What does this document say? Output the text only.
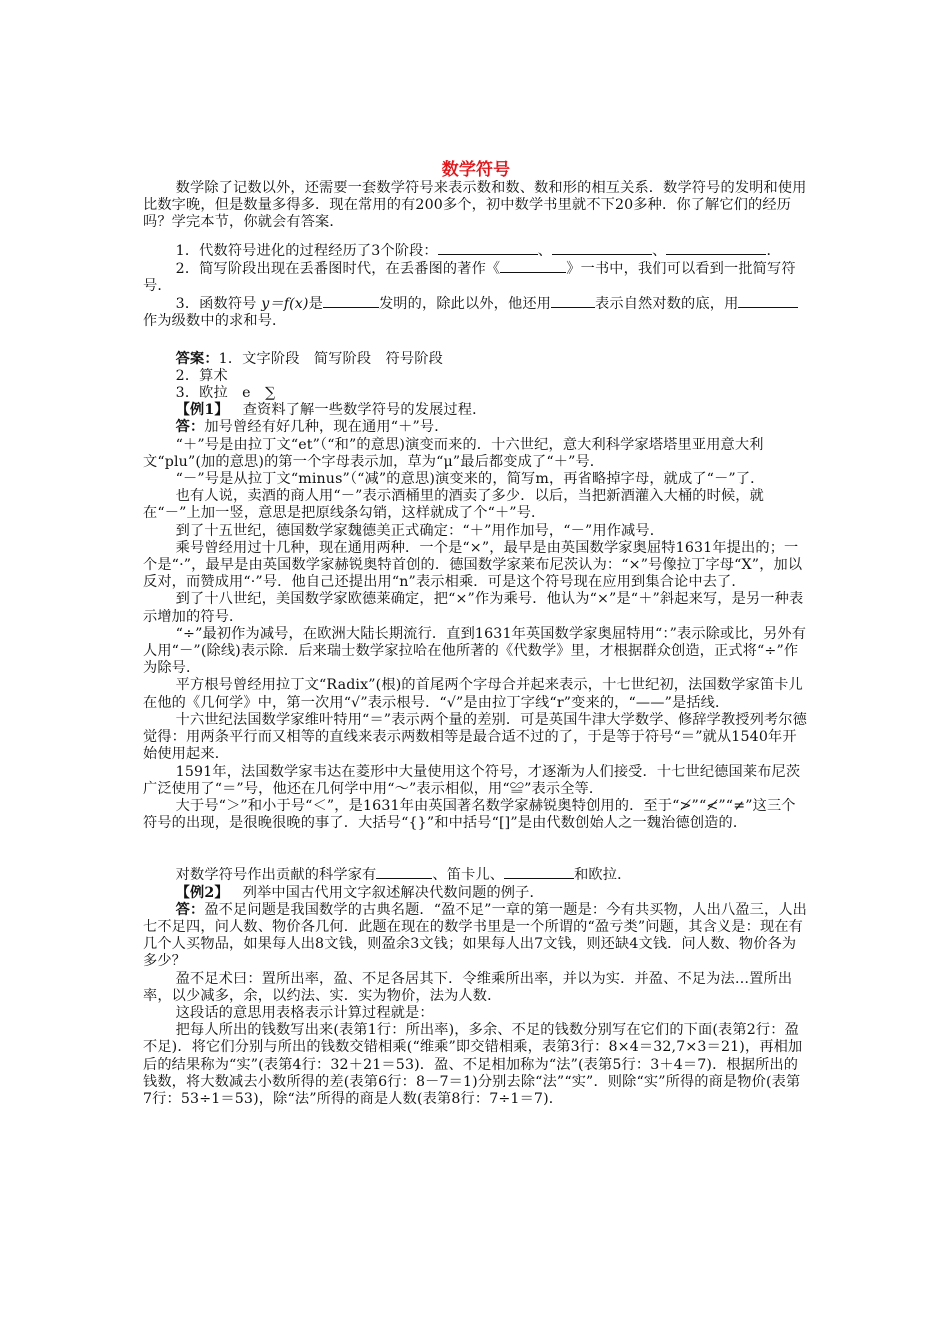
数学符号

数学除了记数以外，还需要一套数学符号来表示数和数、数和形的相互关系．数学符号的发明和使用比数字晚，但是数量多得多．现在常用的有200多个，初中数学书里就不下20多种．你了解它们的经历吗？学完本节，你就会有答案．

1．代数符号进化的过程经历了3个阶段：	、	、	．

2．简写阶段出现在丢番图时代，在丢番图的著作《	》一书中，我们可以看到一批简写符号．

3．函数符号 y＝f(x)是	发明的，除此以外，他还用	表示自然对数的底，用作为级数中的求和号．

答案：1．文字阶段　简写阶段　符号阶段

2．算术

3．欧拉　e　∑

【例1】 查资料了解一些数学符号的发展过程．

答：加号曾经有好几种，现在通用“＋”号．

“＋”号是由拉丁文“et”（“和”的意思)演变而来的．十六世纪，意大利科学家塔塔里亚用意大利文“plu”(加的意思)的第一个字母表示加，草为“μ”最后都变成了“＋”号．

“－”号是从拉丁文“minus”（“减”的意思)演变来的，简写m，再省略掉字母，就成了“－”了．

也有人说，卖酒的商人用“－”表示酒桶里的酒卖了多少．以后，当把新酒灌入大桶的时候，就在“－”上加一竖，意思是把原线条勾销，这样就成了个“＋”号．

到了十五世纪，德国数学家魏德美正式确定：“＋”用作加号，“－”用作减号．

乘号曾经用过十几种，现在通用两种．一个是“×”，最早是由英国数学家奥屈特1631年提出的；一个是“·”，最早是由英国数学家赫锐奥特首创的．德国数学家莱布尼茨认为：“×”号像拉丁字母“X”，加以反对，而赞成用“·”号．他自己还提出用“n”表示相乘．可是这个符号现在应用到集合论中去了．

到了十八世纪，美国数学家欧德莱确定，把“×”作为乘号．他认为“×”是“＋”斜起来写，是另一种表示增加的符号．

“÷”最初作为减号，在欧洲大陆长期流行．直到1631年英国数学家奥屈特用“：”表示除或比，另外有人用“－”(除线)表示除．后来瑞士数学家拉哈在他所著的《代数学》里，才根据群众创造，正式将“÷”作为除号．

平方根号曾经用拉丁文“Radix”(根)的首尾两个字母合并起来表示，十七世纪初，法国数学家笛卡儿在他的《几何学》中，第一次用“√”表示根号．“√”是由拉丁字线“r”变来的，“——”是括线．

十六世纪法国数学家维叶特用“＝”表示两个量的差别．可是英国牛津大学数学、修辞学教授列考尔德觉得：用两条平行而又相等的直线来表示两数相等是最合适不过的了，于是等于符号“＝”就从1540年开始使用起来．

1591年，法国数学家韦达在菱形中大量使用这个符号，才逐渐为人们接受．十七世纪德国莱布尼茨广泛使用了“＝”号，他还在几何学中用“～”表示相似，用“≌”表示全等．

大于号“＞”和小于号“＜”，是1631年由英国著名数学家赫锐奥特创用的．至于“≯”“≮”“≠”这三个符号的出现，是很晚很晚的事了．大括号“{}”和中括号“[]”是由代数创始人之一魏治德创造的．

对数学符号作出贡献的科学家有	、笛卡儿、	和欧拉．

【例2】 列举中国古代用文字叙述解决代数问题的例子．

答：盈不足问题是我国数学的古典名题．“盈不足”一章的第一题是：今有共买物，人出八盈三，人出七不足四，问人数、物价各几何．此题在现在的数学书里是一个所谓的“盈亏类”问题，其含义是：现在有几个人买物品，如果每人出8文钱，则盈余3文钱；如果每人出7文钱，则还缺4文钱．问人数、物价各为多少？

盈不足术曰：置所出率，盈、不足各居其下．令维乘所出率，并以为实．并盈、不足为法…置所出率，以少减多，余，以约法、实．实为物价，法为人数．

这段话的意思用表格表示计算过程就是：

把每人所出的钱数写出来(表第1行：所出率)，多余、不足的钱数分别写在它们的下面(表第2行：盈不足)．将它们分别与所出的钱数交错相乘(“维乘”即交错相乘，表第3行：8×4＝32,7×3＝21)，再相加后的结果称为“实”(表第4行：32＋21＝53)．盈、不足相加称为“法”(表第5行：3＋4＝7)．根据所出的钱数，将大数减去小数所得的差(表第6行：8－7＝1)分别去除“法”“实”．则除“实”所得的商是物价(表第7行：53÷1＝53)，除“法”所得的商是人数(表第8行：7÷1＝7)．
